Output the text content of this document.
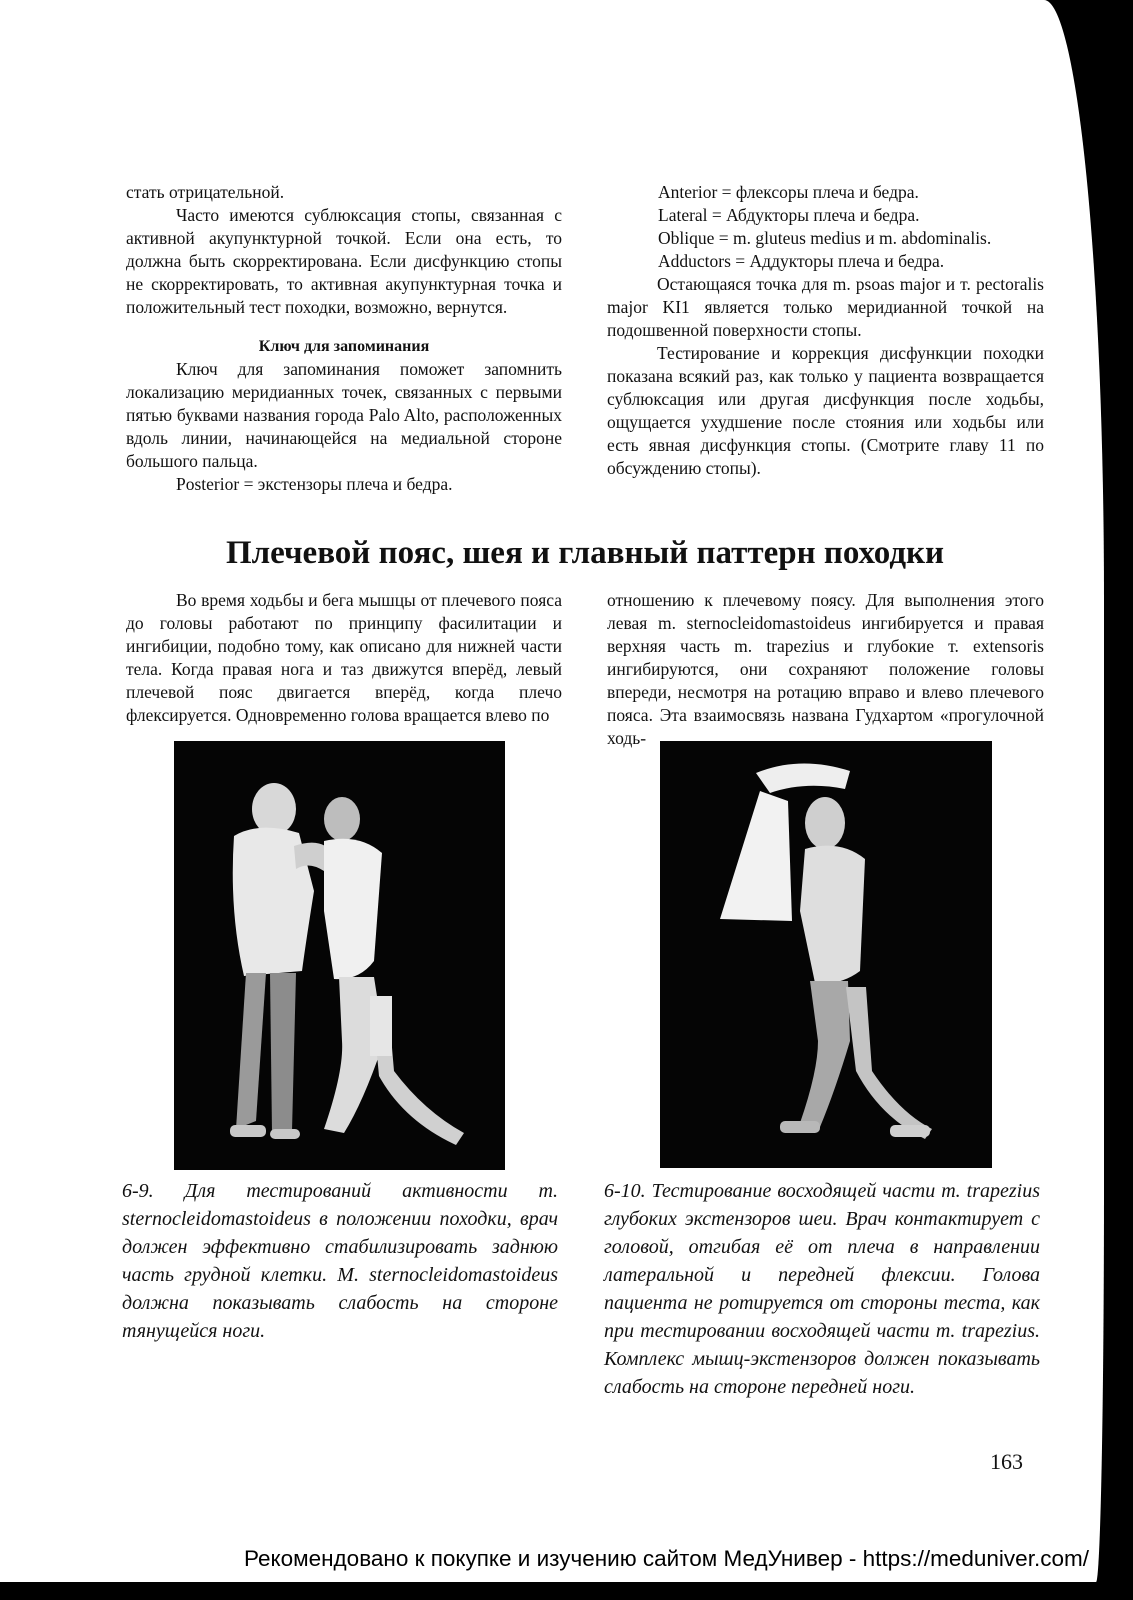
стать отрицательной.

Часто имеются сублюксация стопы, связанная с активной акупунктурной точкой. Если она есть, то должна быть скорректирована. Если дисфункцию стопы не скорректировать, то активная акупунктурная точка и положительный тест походки, возможно, вернутся.

Ключ для запоминания

Ключ для запоминания поможет запомнить локализацию меридианных точек, связанных с первыми пятью буквами названия города Palo Alto, расположенных вдоль линии, начинающейся на медиальной стороне большого пальца.

Posterior = экстензоры плеча и бедра.

Anterior = флексоры плеча и бедра.

Lateral = Абдукторы плеча и бедра.

Oblique = m. gluteus medius и m. abdominalis.

Adductors = Аддукторы плеча и бедра.

Остающаяся точка для m. psoas major и т. pectoralis major KI1 является только меридианной точкой на подошвенной поверхности стопы.

Тестирование и коррекция дисфункции походки показана всякий раз, как только у пациента возвращается сублюксация или другая дисфункция после ходьбы, ощущается ухудшение после стояния или ходьбы или есть явная дисфункция стопы. (Смотрите главу 11 по обсуждению стопы).

Плечевой пояс, шея и главный паттерн походки

Во время ходьбы и бега мышцы от плечевого пояса до головы работают по принципу фасилитации и ингибиции, подобно тому, как описано для нижней части тела. Когда правая нога и таз движутся вперёд, левый плечевой пояс двигается вперёд, когда плечо флексируется. Одновременно голова вращается влево по

отношению к плечевому поясу. Для выполнения этого левая m. sternocleidomastoideus ингибируется и правая верхняя часть m. trapezius и глубокие т. extensoris ингибируются, они сохраняют положение головы впереди, несмотря на ротацию вправо и влево плечевого пояса. Эта взаимосвязь названа Гудхартом «прогулочной ходь-

6-9. Для тестирований активности m. sternocleidomastoideus в положении походки, врач должен эффективно стабилизировать заднюю часть грудной клетки. M. sternocleidomastoideus должна показывать слабость на стороне тянущейся ноги.

6-10. Тестирование восходящей части m. trapezius глубоких экстензоров шеи. Врач контактирует с головой, отгибая её от плеча в направлении латеральной и передней флексии. Голова пациента не ротируется от стороны теста, как при тестировании восходящей части m. trapezius. Комплекс мышц-экстензоров должен показывать слабость на стороне передней ноги.

163

Рекомендовано к покупке и изучению сайтом МедУнивер - https://meduniver.com/
